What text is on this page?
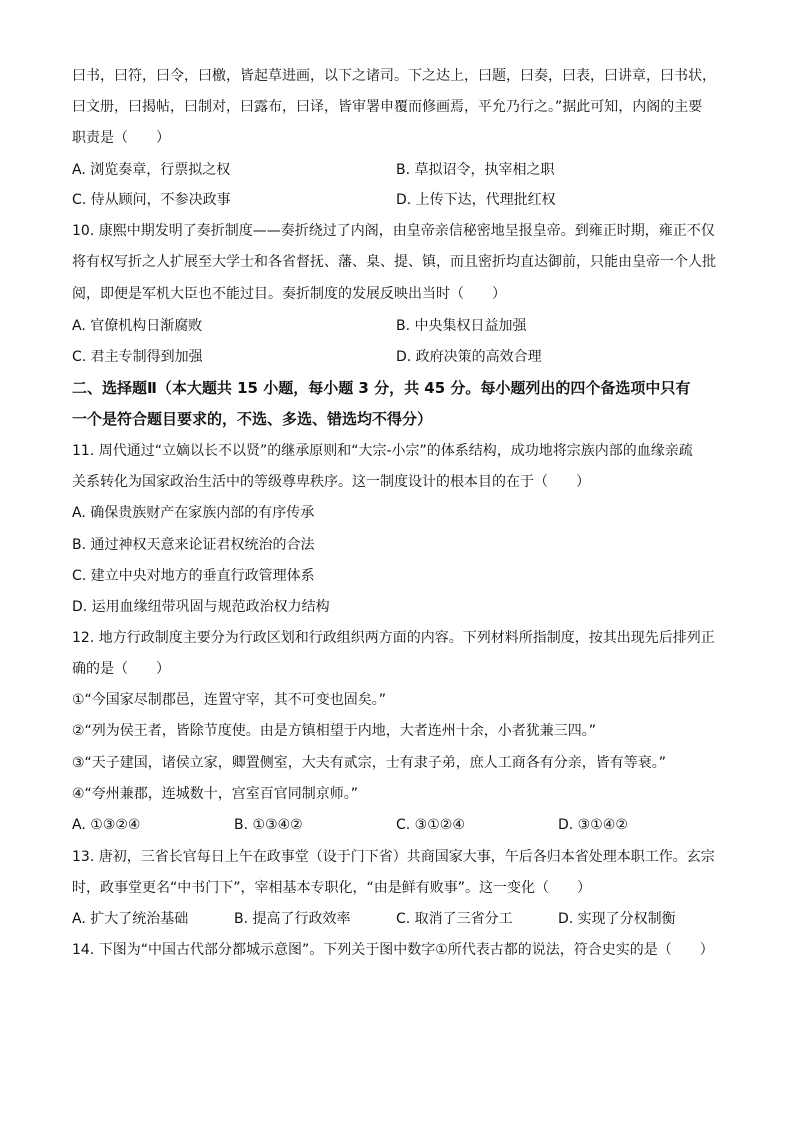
曰书，曰符，曰令，曰檄，皆起草进画，以下之诸司。下之达上，曰题，曰奏，曰表，曰讲章，曰书状，
曰文册，曰揭帖，曰制对，曰露布，曰译，皆审署申覆而修画焉，平允乃行之。”据此可知，内阁的主要
职责是（　　）
A. 浏览奏章，行票拟之权	B. 草拟诏令，执宰相之职
C. 侍从顾问，不参决政事	D. 上传下达，代理批红权
10. 康熙中期发明了奏折制度——奏折绕过了内阁，由皇帝亲信秘密地呈报皇帝。到雍正时期，雍正不仅
将有权写折之人扩展至大学士和各省督抚、藩、臬、提、镇，而且密折均直达御前，只能由皇帝一个人批
阅，即便是军机大臣也不能过目。奏折制度的发展反映出当时（　　）
A. 官僚机构日渐腐败	B. 中央集权日益加强
C. 君主专制得到加强	D. 政府决策的高效合理
二、选择题Ⅱ（本大题共 15 小题，每小题 3 分，共 45 分。每小题列出的四个备选项中只有
一个是符合题目要求的，不选、多选、错选均不得分）
11. 周代通过“立嫡以长不以贤”的继承原则和“大宗-小宗”的体系结构，成功地将宗族内部的血缘亲疏
关系转化为国家政治生活中的等级尊卑秩序。这一制度设计的根本目的在于（　　）
A. 确保贵族财产在家族内部的有序传承
B. 通过神权天意来论证君权统治的合法
C. 建立中央对地方的垂直行政管理体系
D. 运用血缘纽带巩固与规范政治权力结构
12. 地方行政制度主要分为行政区划和行政组织两方面的内容。下列材料所指制度，按其出现先后排列正
确的是（　　）
①“今国家尽制郡邑，连置守宰，其不可变也固矣。”
②“列为侯王者，皆除节度使。由是方镇相望于内地，大者连州十余，小者犹兼三四。”
③“天子建国，诸侯立家，卿置侧室，大夫有贰宗，士有隶子弟，庶人工商各有分亲，皆有等衰。”
④“夸州兼郡，连城数十，宫室百官同制京师。”
A. ①③②④	B. ①③④②	C. ③①②④	D. ③①④②
13. 唐初，三省长官每日上午在政事堂（设于门下省）共商国家大事，午后各归本省处理本职工作。玄宗
时，政事堂更名“中书门下”，宰相基本专职化，“由是鲜有败事”。这一变化（　　）
A. 扩大了统治基础	B. 提高了行政效率	C. 取消了三省分工	D. 实现了分权制衡
14. 下图为“中国古代部分都城示意图”。下列关于图中数字①所代表古都的说法，符合史实的是（　　）
